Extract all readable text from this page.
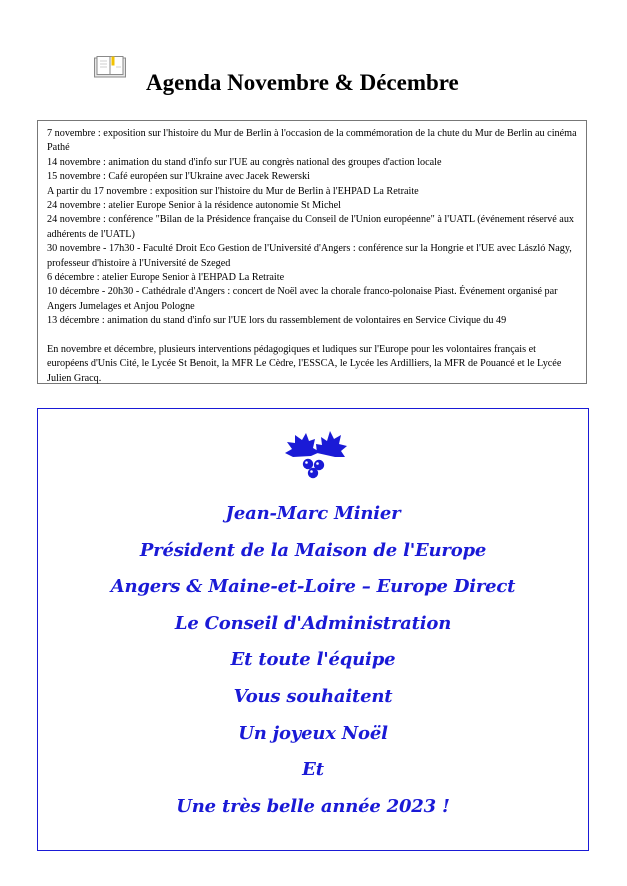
Agenda Novembre & Décembre
7 novembre : exposition sur l'histoire du Mur de Berlin à l'occasion de la commémoration de la chute du Mur de Berlin au cinéma Pathé
14 novembre : animation du stand d'info sur l'UE au congrès national des groupes d'action locale
15 novembre : Café européen sur l'Ukraine avec Jacek Rewerski
A partir du 17 novembre : exposition sur l'histoire du Mur de Berlin à l'EHPAD La Retraite
24 novembre : atelier Europe Senior à la résidence autonomie St Michel
24 novembre : conférence "Bilan de la Présidence française du Conseil de l'Union européenne" à l'UATL (événement réservé aux adhérents de l'UATL)
30 novembre - 17h30 - Faculté Droit Eco Gestion de l'Université d'Angers : conférence sur la Hongrie et l'UE avec László Nagy, professeur d'histoire à l'Université de Szeged
6 décembre : atelier Europe Senior à l'EHPAD La Retraite
10 décembre - 20h30 - Cathédrale d'Angers : concert de Noël avec la chorale franco-polonaise Piast. Événement organisé par Angers Jumelages et Anjou Pologne
13 décembre : animation du stand d'info sur l'UE lors du rassemblement de volontaires en Service Civique du 49

En novembre et décembre, plusieurs interventions pédagogiques et ludiques sur l'Europe pour les volontaires français et européens d'Unis Cité, le Lycée St Benoit, la MFR Le Cèdre, l'ESSCA, le Lycée les Ardilliers, la MFR de Pouancé et le Lycée Julien Gracq.

Jean-Marc Minier
Président de la Maison de l'Europe
Angers & Maine-et-Loire – Europe Direct
Le Conseil d'Administration
Et toute l'équipe
Vous souhaitent
Un joyeux Noël
Et
Une très belle année 2023 !
